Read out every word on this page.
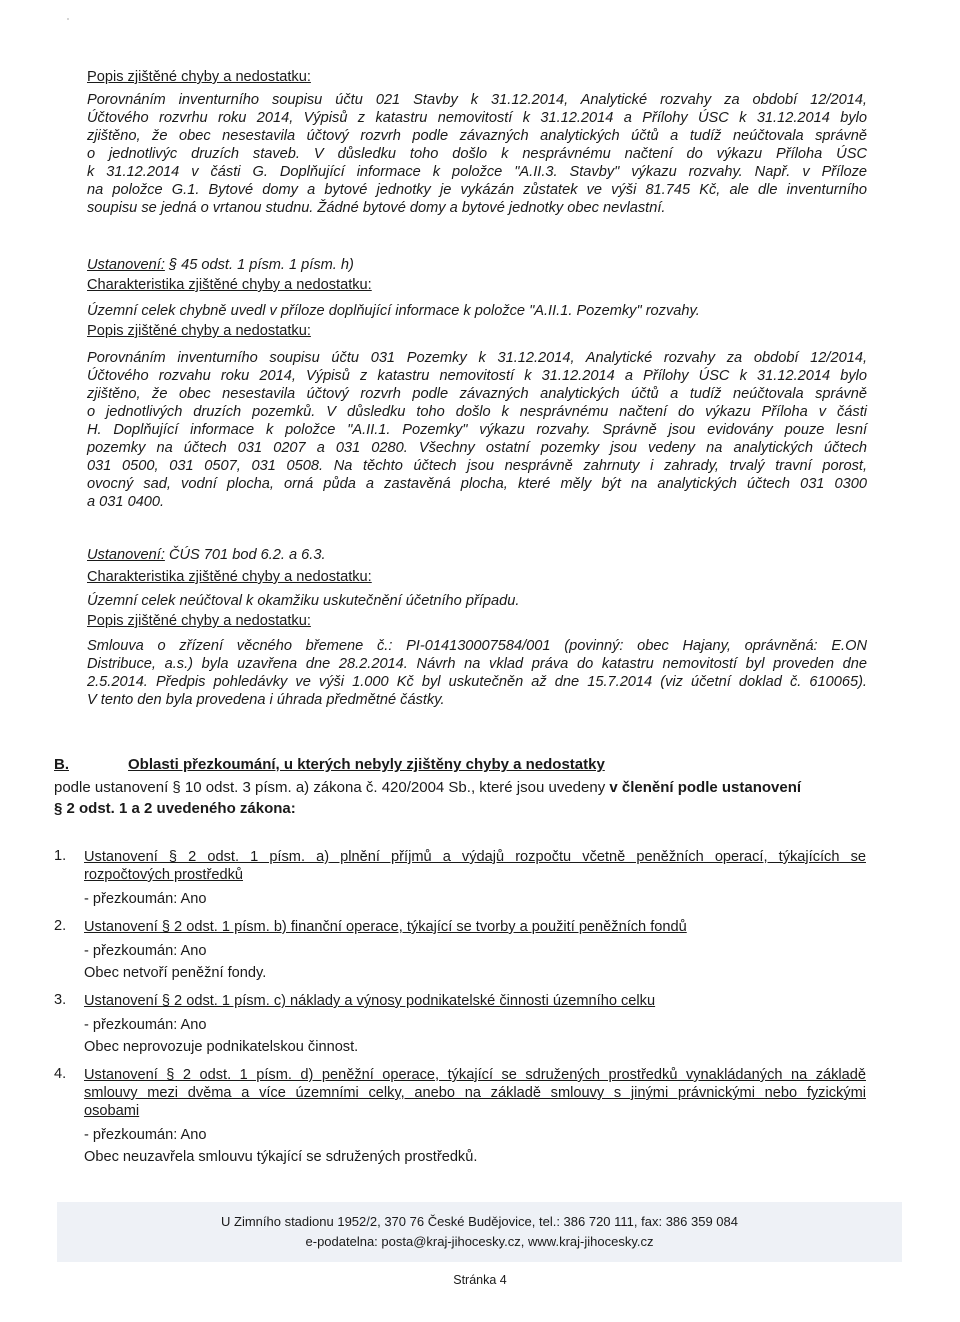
Popis zjištěné chyby a nedostatku:
Porovnáním inventurního soupisu účtu 021 Stavby k 31.12.2014, Analytické rozvahy za období 12/2014,
Účtového rozvrhu roku 2014, Výpisů z katastru nemovitostí k 31.12.2014 a Přílohy ÚSC k 31.12.2014 bylo
zjištěno, že obec nesestavila účtový rozvrh podle závazných analytických účtů a tudíž neúčtovala správně
o jednotlivýc druzích staveb. V důsledku toho došlo k nesprávnému načtení do výkazu Příloha ÚSC
k 31.12.2014 v části G. Doplňující informace k položce "A.II.3. Stavby" výkazu rozvahy. Např. v Příloze
na položce G.1. Bytové domy a bytové jednotky je vykázán zůstatek ve výši 81.745 Kč, ale dle inventurního
soupisu se jedná o vrtanou studnu. Žádné bytové domy a bytové jednotky obec nevlastní.
Ustanovení: § 45 odst. 1 písm. 1 písm. h)
Charakteristika zjištěné chyby a nedostatku:
Územní celek chybně uvedl v příloze doplňující informace k položce "A.II.1. Pozemky" rozvahy.
Popis zjištěné chyby a nedostatku:
Porovnáním inventurního soupisu účtu 031 Pozemky k 31.12.2014, Analytické rozvahy za období 12/2014,
Účtového rozvahu roku 2014, Výpisů z katastru nemovitostí k 31.12.2014 a Přílohy ÚSC k 31.12.2014 bylo
zjištěno, že obec nesestavila účtový rozvrh podle závazných analytických účtů a tudíž neúčtovala správně
o jednotlivých druzích pozemků. V důsledku toho došlo k nesprávnému načtení do výkazu Příloha v části
H. Doplňující informace k položce "A.II.1. Pozemky" výkazu rozvahy. Správně jsou evidovány pouze lesní
pozemky na účtech 031 0207 a 031 0280. Všechny ostatní pozemky jsou vedeny na analytických účtech
031 0500, 031 0507, 031 0508. Na těchto účtech jsou nesprávně zahrnuty i zahrady, trvalý travní porost,
ovocný sad, vodní plocha, orná půda a zastavěná plocha, které měly být na analytických účtech 031 0300
a 031 0400.
Ustanovení: ČÚS 701 bod 6.2. a 6.3.
Charakteristika zjištěné chyby a nedostatku:
Územní celek neúčtoval k okamžiku uskutečnění účetního případu.
Popis zjištěné chyby a nedostatku:
Smlouva o zřízení věcného břemene č.: PI-014130007584/001 (povinný: obec Hajany, oprávněná: E.ON
Distribuce, a.s.) byla uzavřena dne 28.2.2014. Návrh na vklad práva do katastru nemovitostí byl proveden dne
2.5.2014. Předpis pohledávky ve výši 1.000 Kč byl uskutečněn až dne 15.7.2014 (viz účetní doklad č. 610065).
V tento den byla provedena i úhrada předmětné částky.
B.	Oblasti přezkoumání, u kterých nebyly zjištěny chyby a nedostatky
podle ustanovení § 10 odst. 3 písm. a) zákona č. 420/2004 Sb., které jsou uvedeny v členění podle ustanovení
§ 2 odst. 1 a 2 uvedeného zákona:
1. Ustanovení § 2 odst. 1 písm. a) plnění příjmů a výdajů rozpočtu včetně peněžních operací, týkajících se
rozpočtových prostředků
- přezkoumán: Ano
2. Ustanovení § 2 odst. 1 písm. b) finanční operace, týkající se tvorby a použití peněžních fondů
- přezkoumán: Ano
Obec netvoří peněžní fondy.
3. Ustanovení § 2 odst. 1 písm. c) náklady a výnosy podnikatelské činnosti územního celku
- přezkoumán: Ano
Obec neprovozuje podnikatelskou činnost.
4. Ustanovení § 2 odst. 1 písm. d) peněžní operace, týkající se sdružených prostředků vynakládaných na základě
smlouvy mezi dvěma a více územními celky, anebo na základě smlouvy s jinými právnickými nebo fyzickými
osobami
- přezkoumán: Ano
Obec neuzavřela smlouvu týkající se sdružených prostředků.
U Zimního stadionu 1952/2, 370 76 České Budějovice, tel.: 386 720 111, fax: 386 359 084
e-podatelna: posta@kraj-jihocesky.cz, www.kraj-jihocesky.cz
Stránka 4
